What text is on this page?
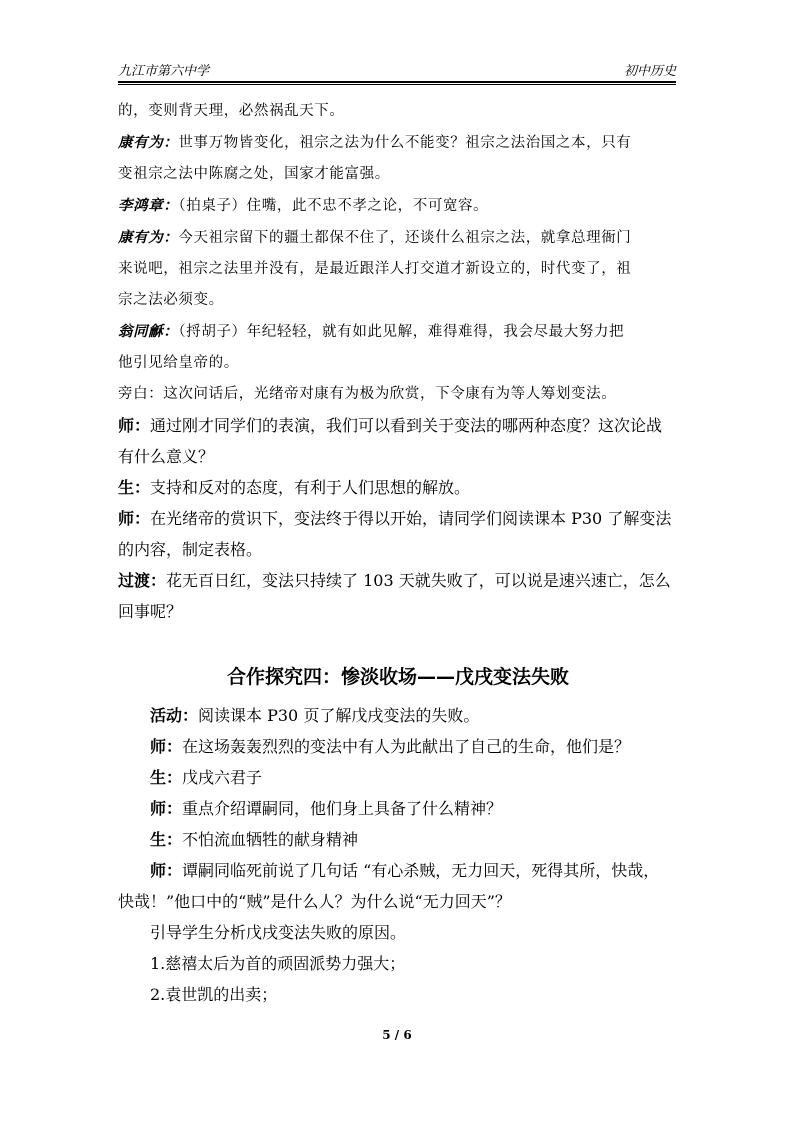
九江市第六中学	初中历史

的，变则背天理，必然祸乱天下。

康有为：世事万物皆变化，祖宗之法为什么不能变？祖宗之法治国之本，只有

变祖宗之法中陈腐之处，国家才能富强。

李鸿章：（拍桌子）住嘴，此不忠不孝之论，不可宽容。

康有为：今天祖宗留下的疆土都保不住了，还谈什么祖宗之法，就拿总理衙门

来说吧，祖宗之法里并没有，是最近跟洋人打交道才新设立的，时代变了，祖

宗之法必须变。

翁同龢：（捋胡子）年纪轻轻，就有如此见解，难得难得，我会尽最大努力把

他引见给皇帝的。

旁白：这次问话后，光绪帝对康有为极为欣赏，下令康有为等人筹划变法。

师：通过刚才同学们的表演，我们可以看到关于变法的哪两种态度？这次论战

有什么意义？

生：支持和反对的态度，有利于人们思想的解放。

师：在光绪帝的赏识下，变法终于得以开始，请同学们阅读课本 P30 了解变法

的内容，制定表格。

过渡：花无百日红，变法只持续了 103 天就失败了，可以说是速兴速亡，怎么

回事呢？

合作探究四：惨淡收场——戊戌变法失败

活动：阅读课本 P30 页了解戊戌变法的失败。

师：在这场轰轰烈烈的变法中有人为此献出了自己的生命，他们是？

生：戊戌六君子

师：重点介绍谭嗣同，他们身上具备了什么精神？

生：不怕流血牺牲的献身精神

师：谭嗣同临死前说了几句话 “有心杀贼，无力回天，死得其所，快哉，

快哉！”他口中的“贼”是什么人？为什么说“无力回天”？

引导学生分析戊戌变法失败的原因。

1.慈禧太后为首的顽固派势力强大；

2.袁世凯的出卖；

5 / 6
